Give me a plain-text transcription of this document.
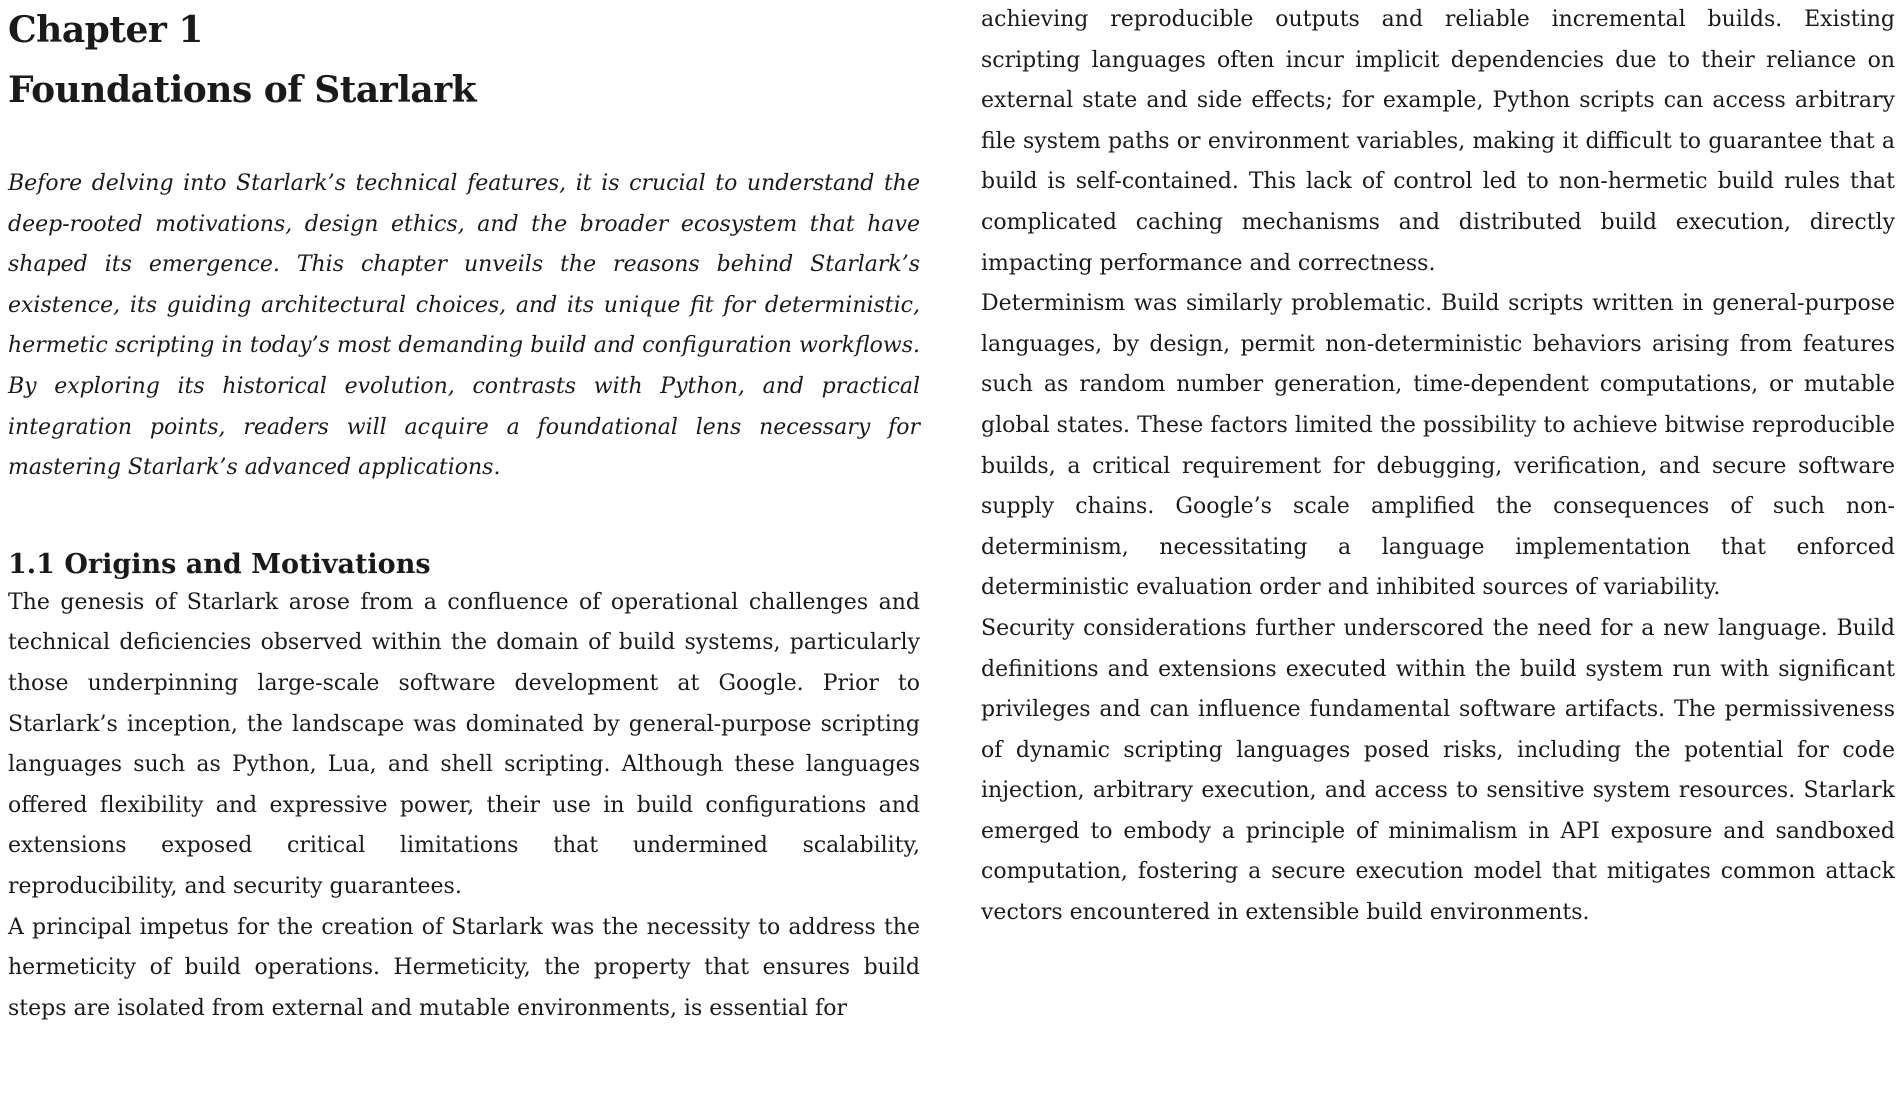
Chapter 1
Foundations of Starlark

Before delving into Starlark’s technical features, it is crucial to understand the deep-rooted motivations, design ethics, and the broader ecosystem that have shaped its emergence. This chapter unveils the reasons behind Starlark’s existence, its guiding architectural choices, and its unique fit for deterministic, hermetic scripting in today’s most demanding build and configuration workflows. By exploring its historical evolution, contrasts with Python, and practical integration points, readers will acquire a foundational lens necessary for mastering Starlark’s advanced applications.

1.1 Origins and Motivations

The genesis of Starlark arose from a confluence of operational challenges and technical deficiencies observed within the domain of build systems, particularly those underpinning large-scale software development at Google. Prior to Starlark’s inception, the landscape was dominated by general-purpose scripting languages such as Python, Lua, and shell scripting. Although these languages offered flexibility and expressive power, their use in build configurations and extensions exposed critical limitations that undermined scalability, reproducibility, and security guarantees.

A principal impetus for the creation of Starlark was the necessity to address the hermeticity of build operations. Hermeticity, the property that ensures build steps are isolated from external and mutable environments, is essential for

achieving reproducible outputs and reliable incremental builds. Existing scripting languages often incur implicit dependencies due to their reliance on external state and side effects; for example, Python scripts can access arbitrary file system paths or environment variables, making it difficult to guarantee that a build is self-contained. This lack of control led to non-hermetic build rules that complicated caching mechanisms and distributed build execution, directly impacting performance and correctness.

Determinism was similarly problematic. Build scripts written in general-purpose languages, by design, permit non-deterministic behaviors arising from features such as random number generation, time-dependent computations, or mutable global states. These factors limited the possibility to achieve bitwise reproducible builds, a critical requirement for debugging, verification, and secure software supply chains. Google’s scale amplified the consequences of such non-determinism, necessitating a language implementation that enforced deterministic evaluation order and inhibited sources of variability.

Security considerations further underscored the need for a new language. Build definitions and extensions executed within the build system run with significant privileges and can influence fundamental software artifacts. The permissiveness of dynamic scripting languages posed risks, including the potential for code injection, arbitrary execution, and access to sensitive system resources. Starlark emerged to embody a principle of minimalism in API exposure and sandboxed computation, fostering a secure execution model that mitigates common attack vectors encountered in extensible build environments.
